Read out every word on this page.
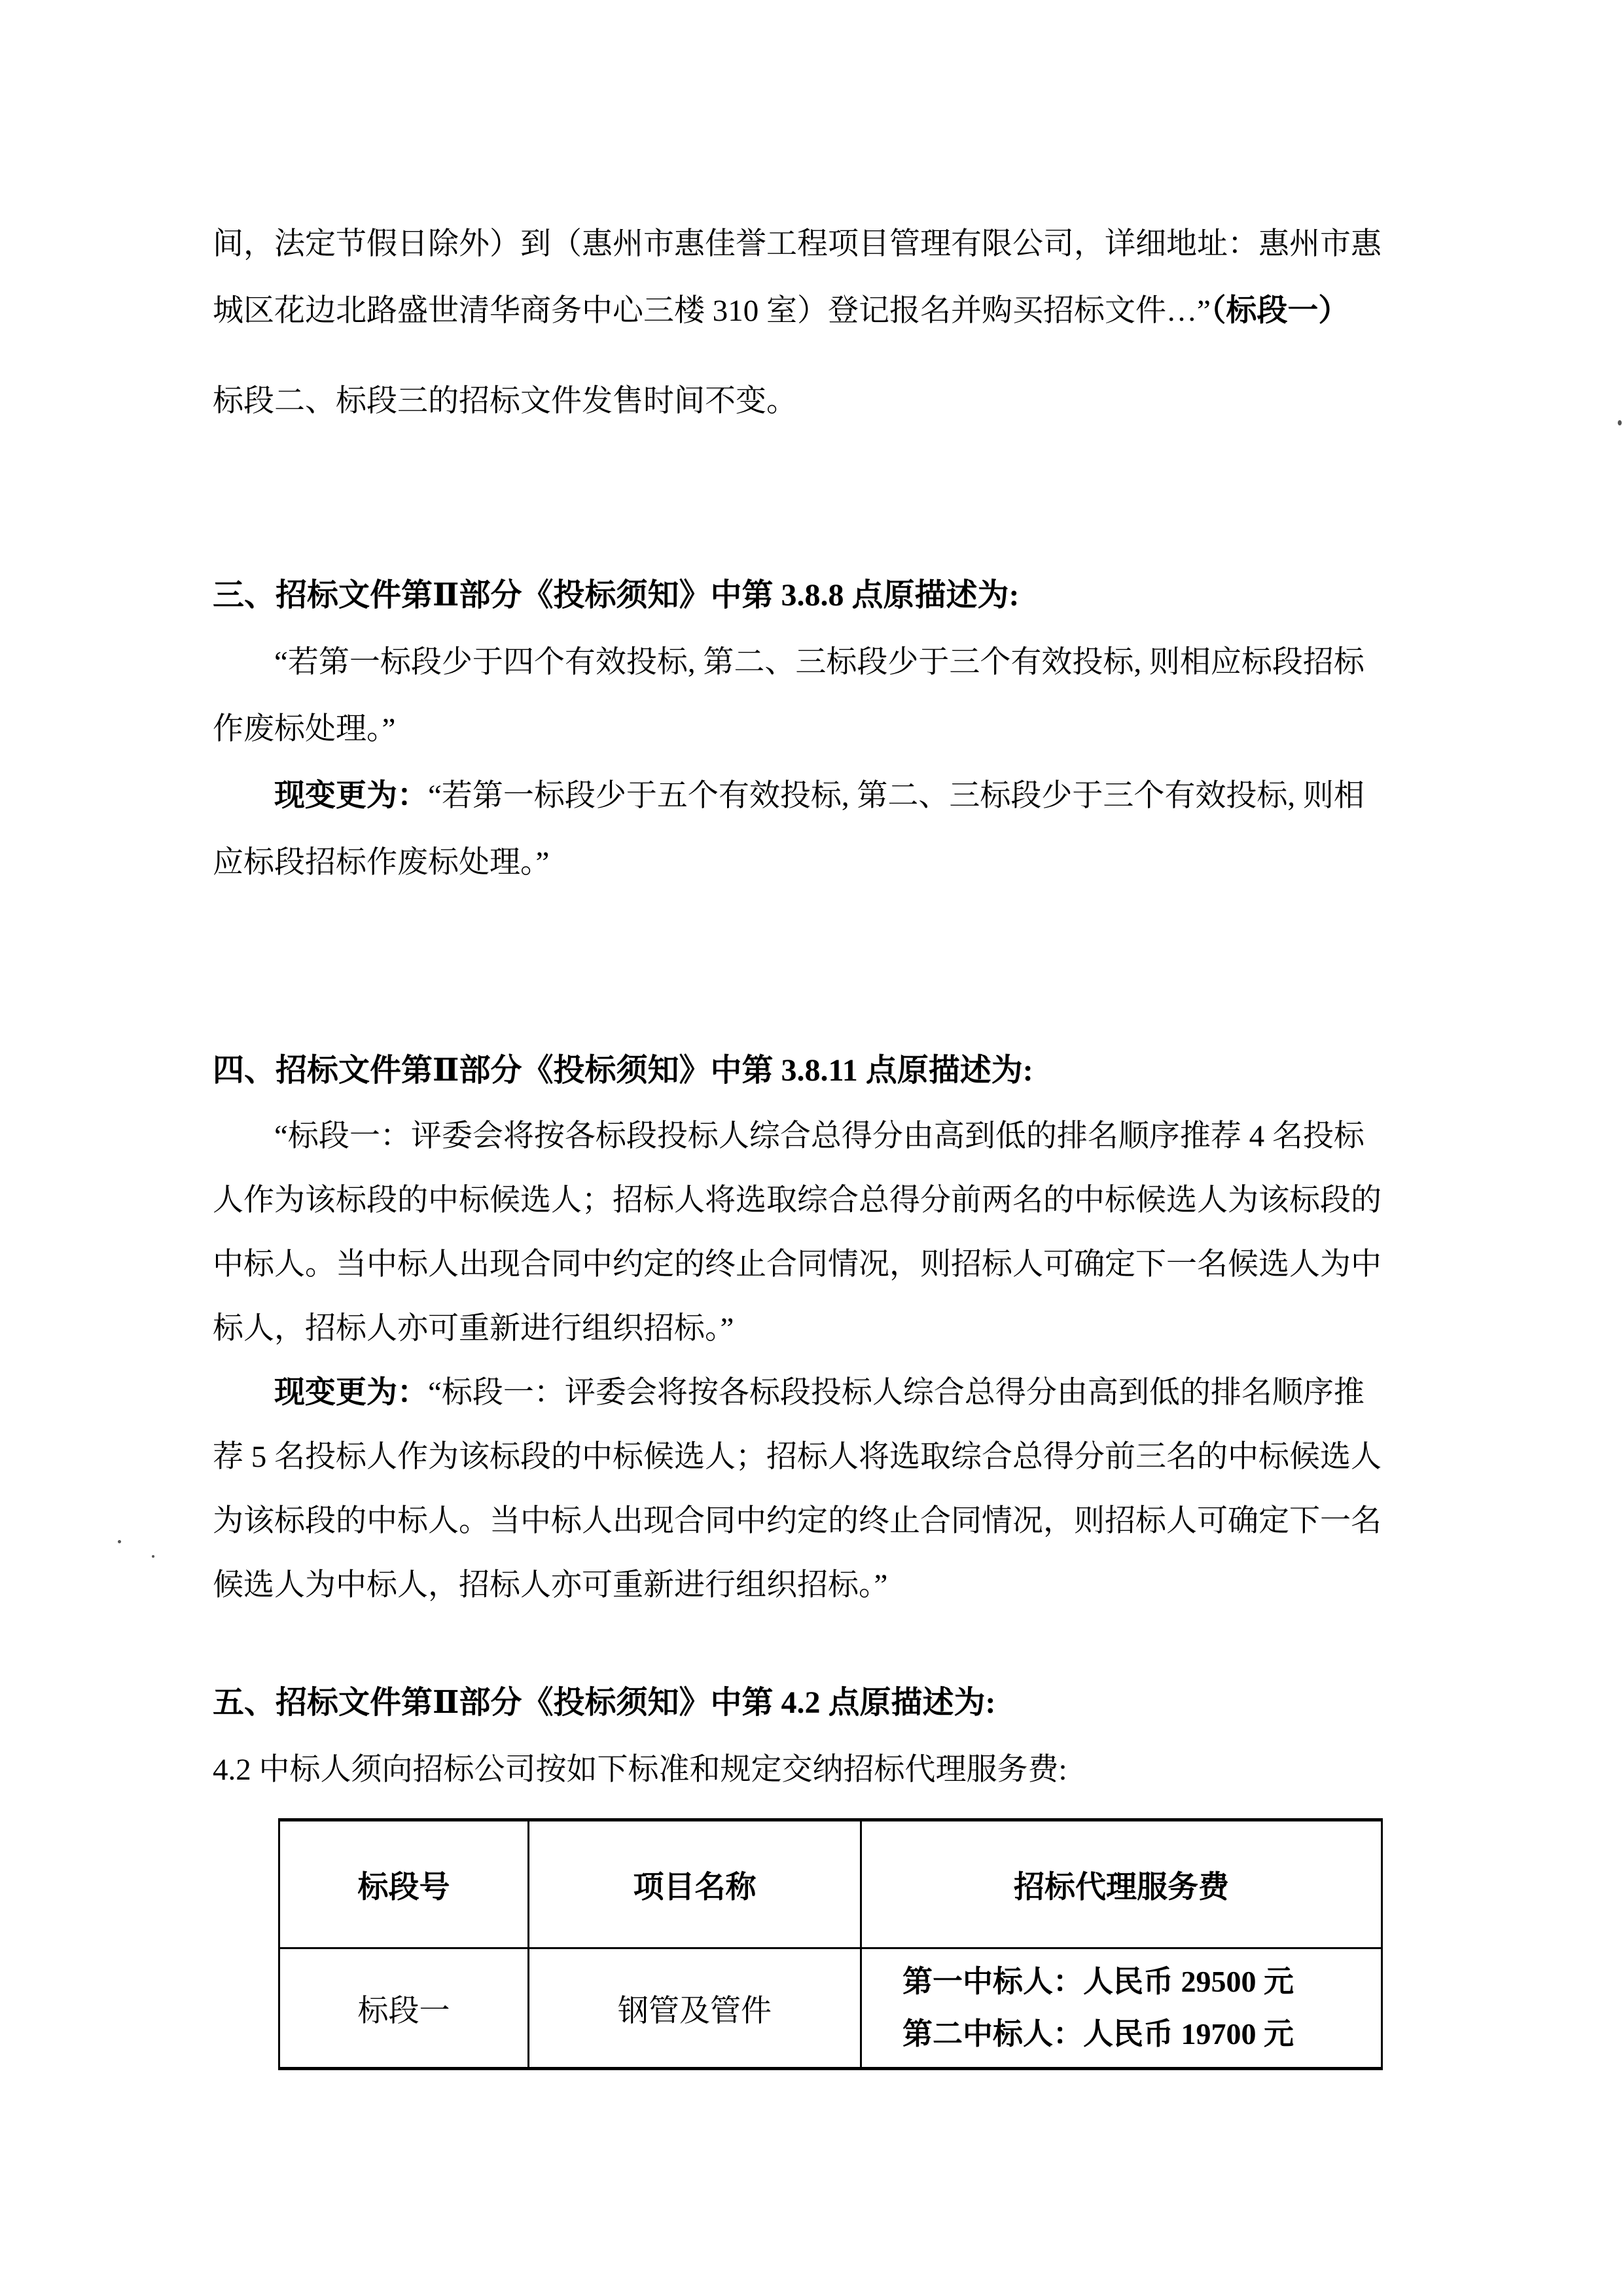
间，法定节假日除外）到（惠州市惠佳誉工程项目管理有限公司，详细地址：惠州市惠
城区花边北路盛世清华商务中心三楼 310 室）登记报名并购买招标文件…”（标段一）
标段二、标段三的招标文件发售时间不变。
三、招标文件第Ⅱ部分《投标须知》中第 3.8.8 点原描述为:
“若第一标段少于四个有效投标, 第二、三标段少于三个有效投标, 则相应标段招标
作废标处理。”
现变更为：“若第一标段少于五个有效投标, 第二、三标段少于三个有效投标, 则相
应标段招标作废标处理。”
四、招标文件第Ⅱ部分《投标须知》中第 3.8.11 点原描述为:
“标段一：评委会将按各标段投标人综合总得分由高到低的排名顺序推荐 4 名投标
人作为该标段的中标候选人；招标人将选取综合总得分前两名的中标候选人为该标段的
中标人。当中标人出现合同中约定的终止合同情况，则招标人可确定下一名候选人为中
标人，招标人亦可重新进行组织招标。”
现变更为：“标段一：评委会将按各标段投标人综合总得分由高到低的排名顺序推
荐 5 名投标人作为该标段的中标候选人；招标人将选取综合总得分前三名的中标候选人
为该标段的中标人。当中标人出现合同中约定的终止合同情况，则招标人可确定下一名
候选人为中标人，招标人亦可重新进行组织招标。”
五、招标文件第Ⅱ部分《投标须知》中第 4.2 点原描述为:
4.2 中标人须向招标公司按如下标准和规定交纳招标代理服务费:
标段号	项目名称	招标代理服务费
标段一	钢管及管件	第一中标人：人民币 29500 元
第二中标人：人民币 19700 元
